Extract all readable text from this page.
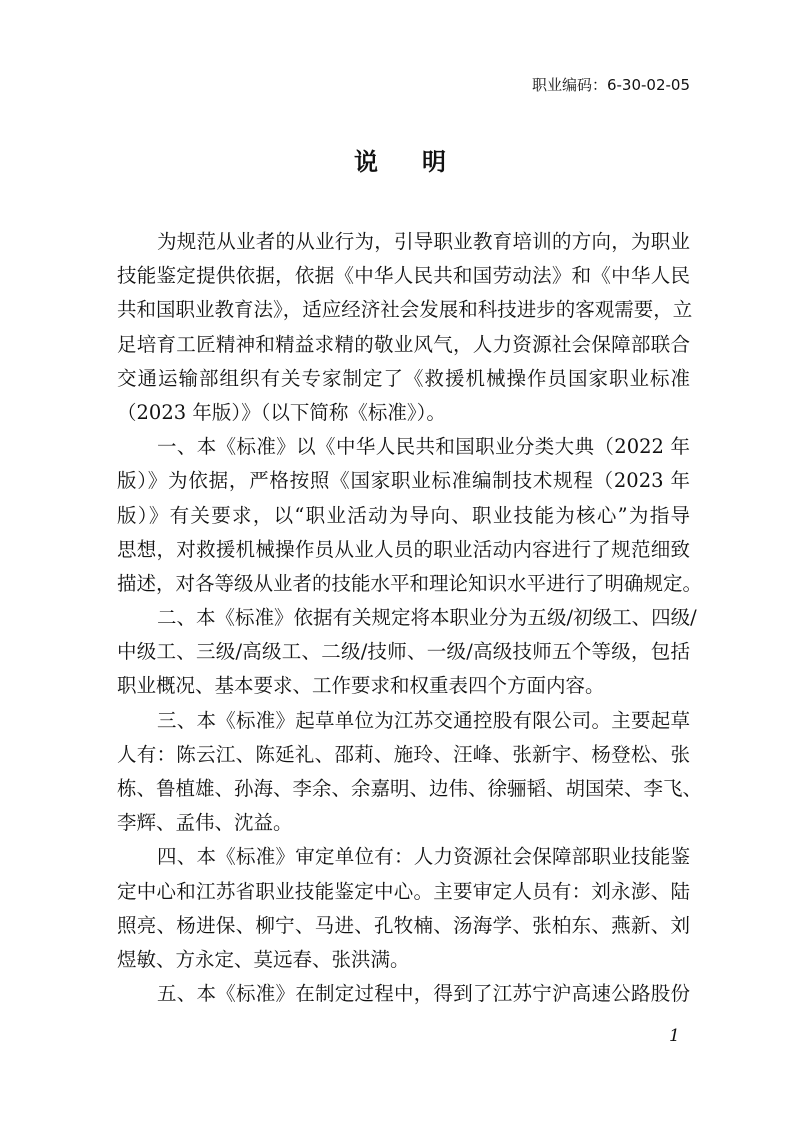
职业编码：6-30-02-05
说 明
为规范从业者的从业行为，引导职业教育培训的方向，为职业
技能鉴定提供依据，依据《中华人民共和国劳动法》和《中华人民
共和国职业教育法》，适应经济社会发展和科技进步的客观需要，立
足培育工匠精神和精益求精的敬业风气，人力资源社会保障部联合
交通运输部组织有关专家制定了《救援机械操作员国家职业标准
（2023 年版）》（以下简称《标准》）。
一、本《标准》以《中华人民共和国职业分类大典（2022 年
版）》为依据，严格按照《国家职业标准编制技术规程（2023 年
版）》有关要求，以“职业活动为导向、职业技能为核心”为指导
思想，对救援机械操作员从业人员的职业活动内容进行了规范细致
描述，对各等级从业者的技能水平和理论知识水平进行了明确规定。
二、本《标准》依据有关规定将本职业分为五级/初级工、四级/
中级工、三级/高级工、二级/技师、一级/高级技师五个等级，包括
职业概况、基本要求、工作要求和权重表四个方面内容。
三、本《标准》起草单位为江苏交通控股有限公司。主要起草
人有：陈云江、陈延礼、邵莉、施玲、汪峰、张新宇、杨登松、张
栋、鲁植雄、孙海、李余、余嘉明、边伟、徐骊韬、胡国荣、李飞、
李辉、孟伟、沈益。
四、本《标准》审定单位有：人力资源社会保障部职业技能鉴
定中心和江苏省职业技能鉴定中心。主要审定人员有：刘永澎、陆
照亮、杨进保、柳宁、马进、孔牧楠、汤海学、张柏东、燕新、刘
煜敏、方永定、莫远春、张洪满。
五、本《标准》在制定过程中，得到了江苏宁沪高速公路股份
1
